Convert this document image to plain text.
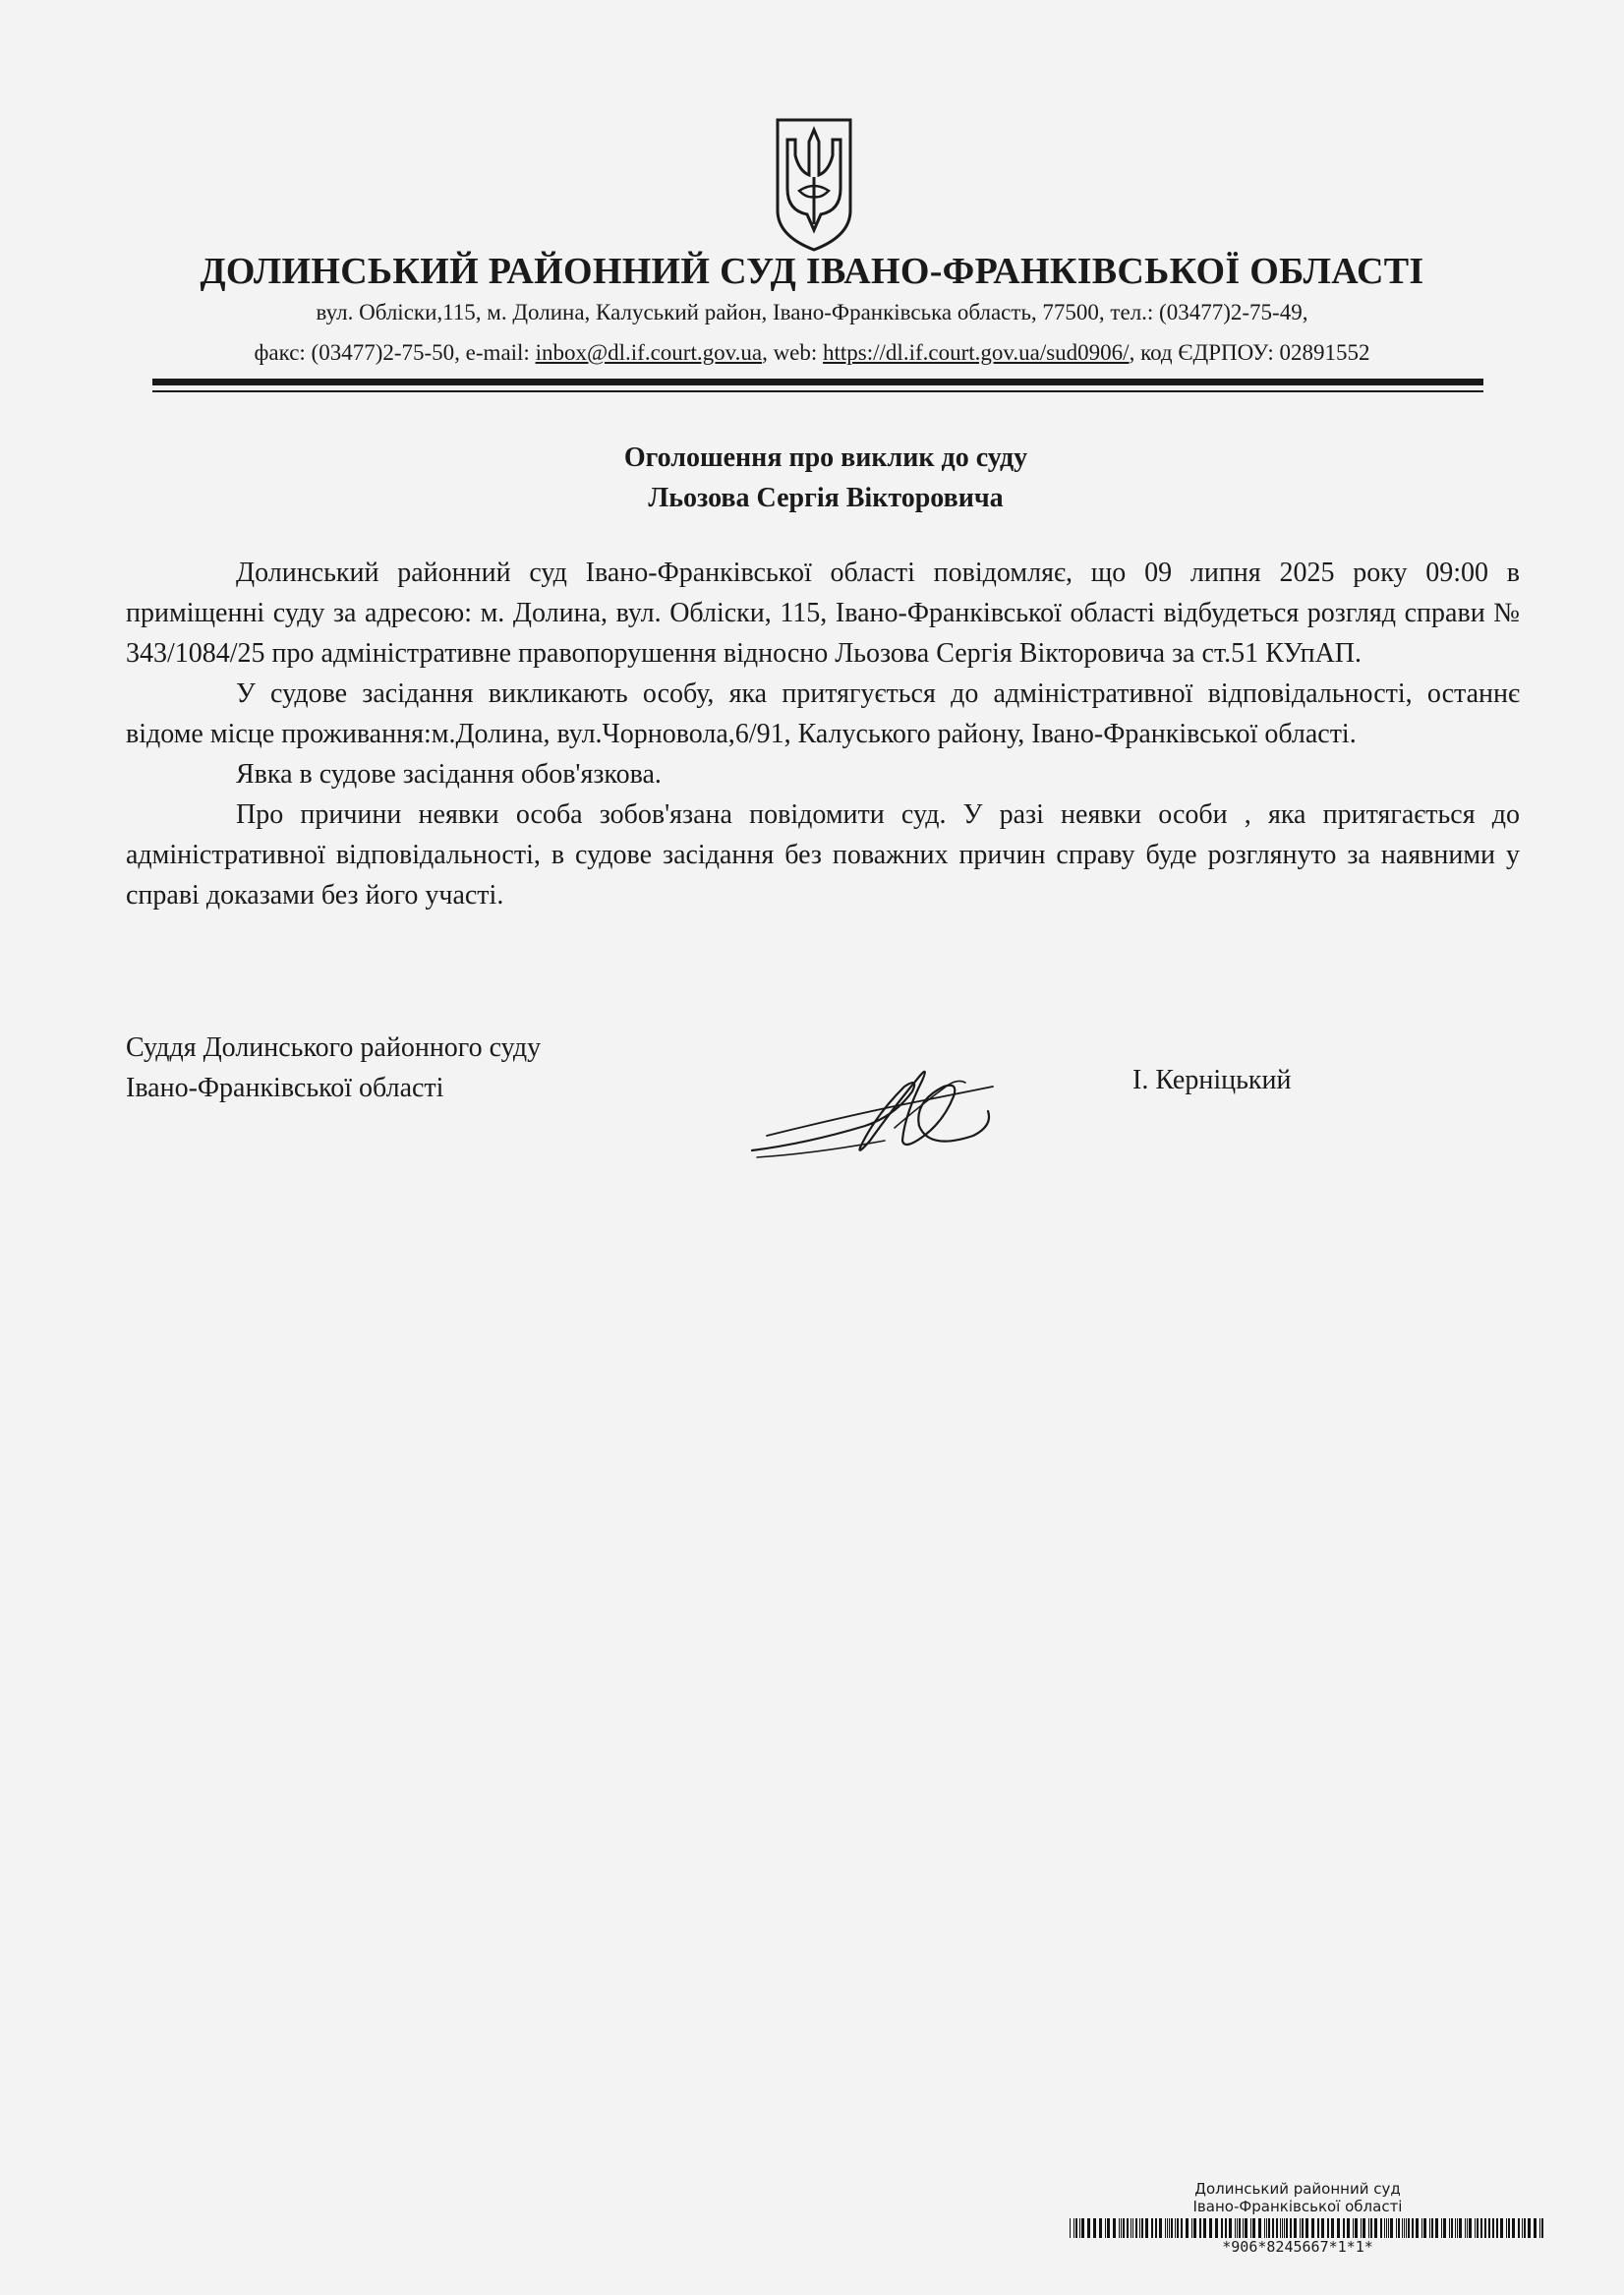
ДОЛИНСЬКИЙ РАЙОННИЙ СУД ІВАНО-ФРАНКІВСЬКОЇ ОБЛАСТІ
вул. Обліски,115, м. Долина, Калуський район, Івано-Франківська область, 77500, тел.: (03477)2-75-49,
факс: (03477)2-75-50, e-mail: inbox@dl.if.court.gov.ua, web: https://dl.if.court.gov.ua/sud0906/, код ЄДРПОУ: 02891552
Оголошення про виклик до суду
Льозова Сергія Вікторовича

Долинський районний суд Івано-Франківської області повідомляє, що 09 липня 2025 року 09:00 в приміщенні суду за адресою: м. Долина, вул. Обліски, 115, Івано-Франківської області відбудеться розгляд справи № 343/1084/25 про адміністративне правопорушення відносно Льозова Сергія Вікторовича за ст.51 КУпАП.

У судове засідання викликають особу, яка притягується до адміністративної відповідальності, останнє відоме місце проживання:м.Долина, вул.Чорновола,6/91, Калуського району, Івано-Франківської області.

Явка в судове засідання обов'язкова.

Про причини неявки особа зобов'язана повідомити суд. У разі неявки особи , яка притягається до адміністративної відповідальності, в судове засідання без поважних причин справу буде розглянуто за наявними у справі доказами без його участі.

Суддя Долинського районного суду
Івано-Франківської області	І. Керніцький
Долинський районний суд
Івано-Франківської області
*906*8245667*1*1*
